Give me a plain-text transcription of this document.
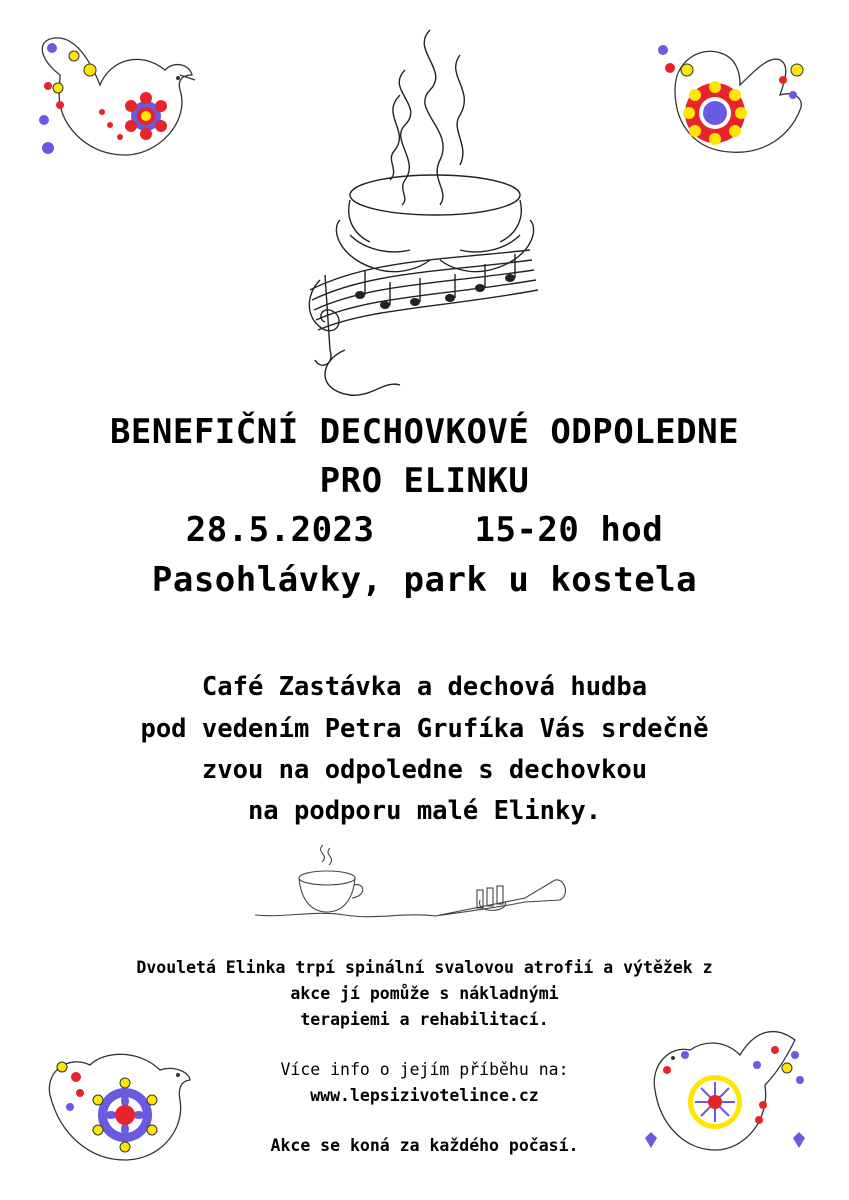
BENEFIČNÍ DECHOVKOVÉ ODPOLEDNE
PRO ELINKU
28.5.2023	15-20 hod
Pasohlávky, park u kostela
Café Zastávka a dechová hudba
pod vedením Petra Grufíka Vás srdečně
zvou na odpoledne s dechovkou
na podporu malé Elinky.
Dvouletá Elinka trpí spinální svalovou atrofií a výtěžek z
akce jí pomůže s nákladnými
terapiemi a rehabilitací.
Více info o jejím příběhu na:
www.lepsizivotelince.cz
Akce se koná za každého počasí.
